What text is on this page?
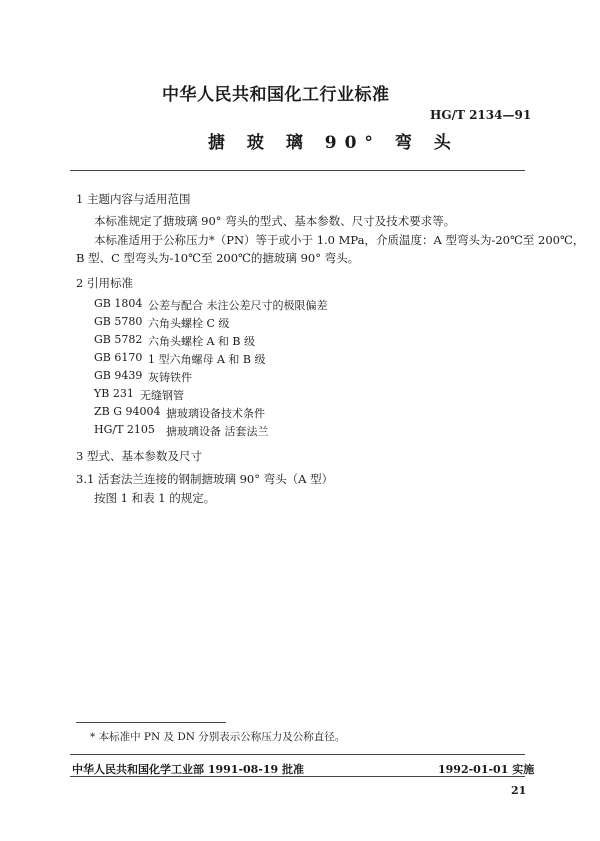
中华人民共和国化工行业标准
HG/T 2134—91
搪 玻 璃 90° 弯 头
1 主题内容与适用范围
本标准规定了搪玻璃 90° 弯头的型式、基本参数、尺寸及技术要求等。
本标准适用于公称压力*（PN）等于或小于 1.0 MPa，介质温度：A 型弯头为-20℃至 200℃，
B 型、C 型弯头为-10℃至 200℃的搪玻璃 90° 弯头。
2 引用标准
GB 1804 公差与配合 未注公差尺寸的极限偏差
GB 5780 六角头螺栓 C 级
GB 5782 六角头螺栓 A 和 B 级
GB 6170 1 型六角螺母 A 和 B 级
GB 9439 灰铸铁件
YB 231 无缝钢管
ZB G 94004 搪玻璃设备技术条件
HG/T 2105 搪玻璃设备 活套法兰
3 型式、基本参数及尺寸
3.1 活套法兰连接的钢制搪玻璃 90° 弯头（A 型）
按图 1 和表 1 的规定。
* 本标准中 PN 及 DN 分别表示公称压力及公称直径。
中华人民共和国化学工业部 1991-08-19 批准	1992-01-01 实施
21
